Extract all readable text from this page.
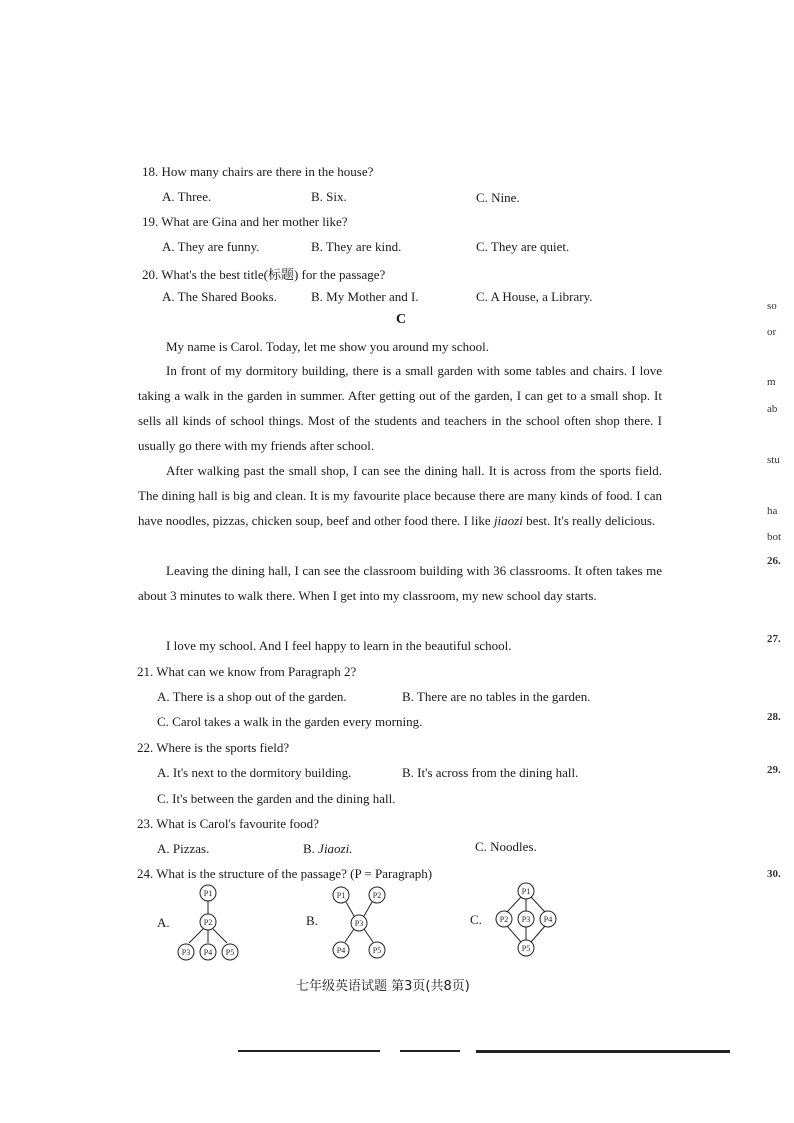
18. How many chairs are there in the house?
A. Three.	B. Six.	C. Nine.
19. What are Gina and her mother like?
A. They are funny.	B. They are kind.	C. They are quiet.
20. What's the best title(标题) for the passage?
A. The Shared Books.	B. My Mother and I.	C. A House, a Library.
C
My name is Carol. Today, let me show you around my school.
In front of my dormitory building, there is a small garden with some tables and chairs. I love taking a walk in the garden in summer. After getting out of the garden, I can get to a small shop. It sells all kinds of school things. Most of the students and teachers in the school often shop there. I usually go there with my friends after school.
After walking past the small shop, I can see the dining hall. It is across from the sports field. The dining hall is big and clean. It is my favourite place because there are many kinds of food. I can have noodles, pizzas, chicken soup, beef and other food there. I like jiaozi best. It's really delicious.
Leaving the dining hall, I can see the classroom building with 36 classrooms. It often takes me about 3 minutes to walk there. When I get into my classroom, my new school day starts.
I love my school. And I feel happy to learn in the beautiful school.
21. What can we know from Paragraph 2?
A. There is a shop out of the garden.	B. There are no tables in the garden.
C. Carol takes a walk in the garden every morning.
22. Where is the sports field?
A. It's next to the dormitory building.	B. It's across from the dining hall.
C. It's between the garden and the dining hall.
23. What is Carol's favourite food?
A. Pizzas.	B. Jiaozi.	C. Noodles.
24. What is the structure of the passage? (P = Paragraph)
A.	B.	C.
P1
P2
P3 P4 P5
P1	P2
P3
P4	P5
P1
P2 P3 P4
P5
七年级英语试题 第3页(共8页)
so
or
m
ab
stu
ha
bot
26.
27.
28.
29.
30.
